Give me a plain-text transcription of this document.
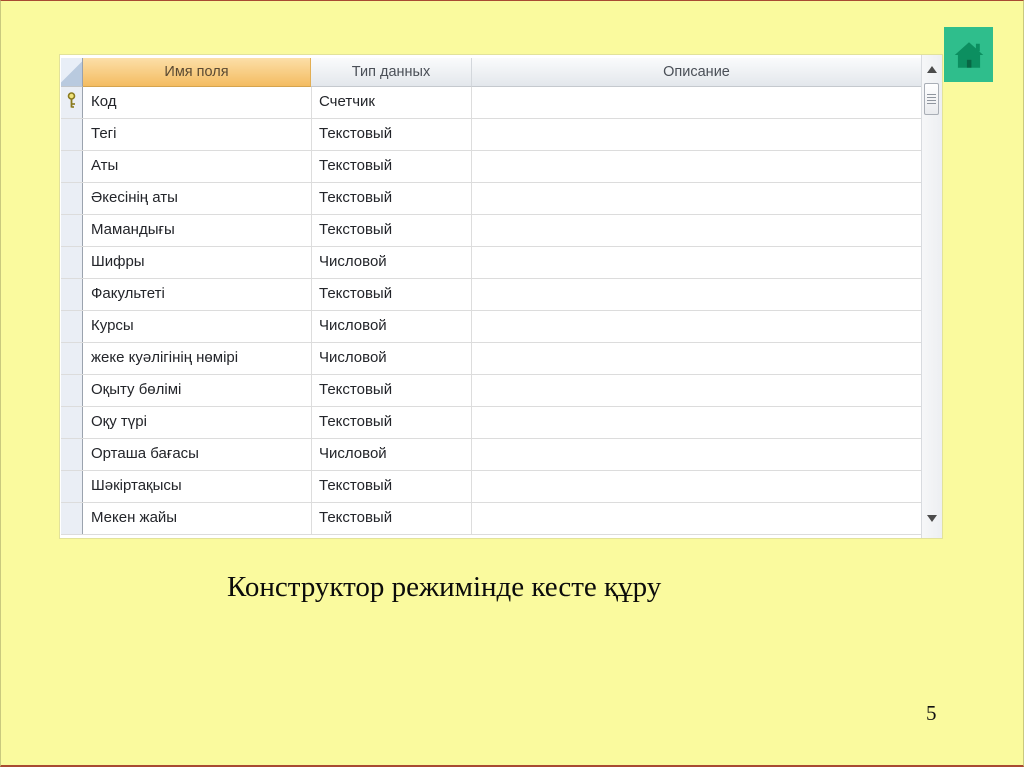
Имя поля	Тип данных	Описание
Код	Счетчик
Тегі	Текстовый
Аты	Текстовый
Әкесінің аты	Текстовый
Мамандығы	Текстовый
Шифры	Числовой
Факультеті	Текстовый
Курсы	Числовой
жеке куәлігінің нөмірі	Числовой
Оқыту бөлімі	Текстовый
Оқу түрі	Текстовый
Орташа бағасы	Числовой
Шәкіртақысы	Текстовый
Мекен жайы	Текстовый
Конструктор режимінде кесте құру
5
